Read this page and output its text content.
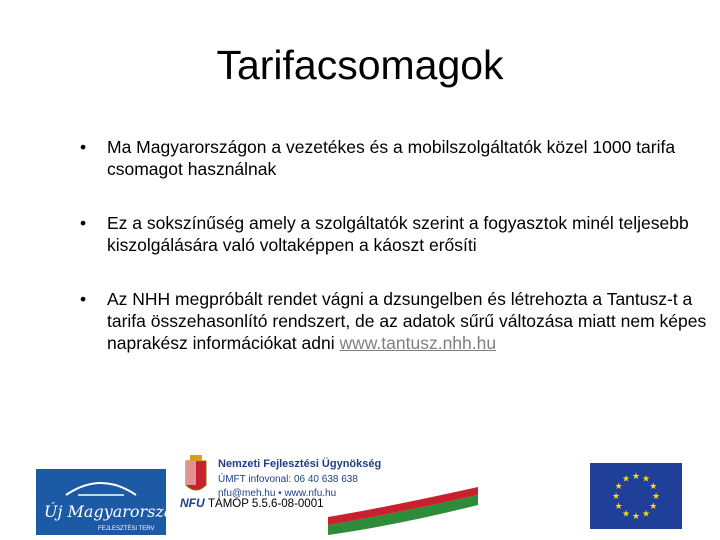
Tarifacsomagok
• Ma Magyarországon a vezetékes és a mobilszolgáltatók közel 1000 tarifa csomagot használnak
• Ez a sokszínűség amely a szolgáltatók szerint a fogyasztok minél teljesebb kiszolgálására való voltaképpen a káoszt erősíti
• Az NHH megpróbált rendet vágni a dzsungelben és létrehozta a Tantusz-t a tarifa összehasonlító rendszert, de az adatok sűrű változása miatt nem képes naprakész információkat adni www.tantusz.nhh.hu
Új Magyarország
FEJLESZTÉSI TERV
NFU
Nemzeti Fejlesztési Ügynökség
ÚMFT infovonal: 06 40 638 638
nfu@meh.hu • www.nfu.hu
TÁMOP 5.5.6-08-0001
★ ★
★
★
★
★
★
★
★
★
★
★
